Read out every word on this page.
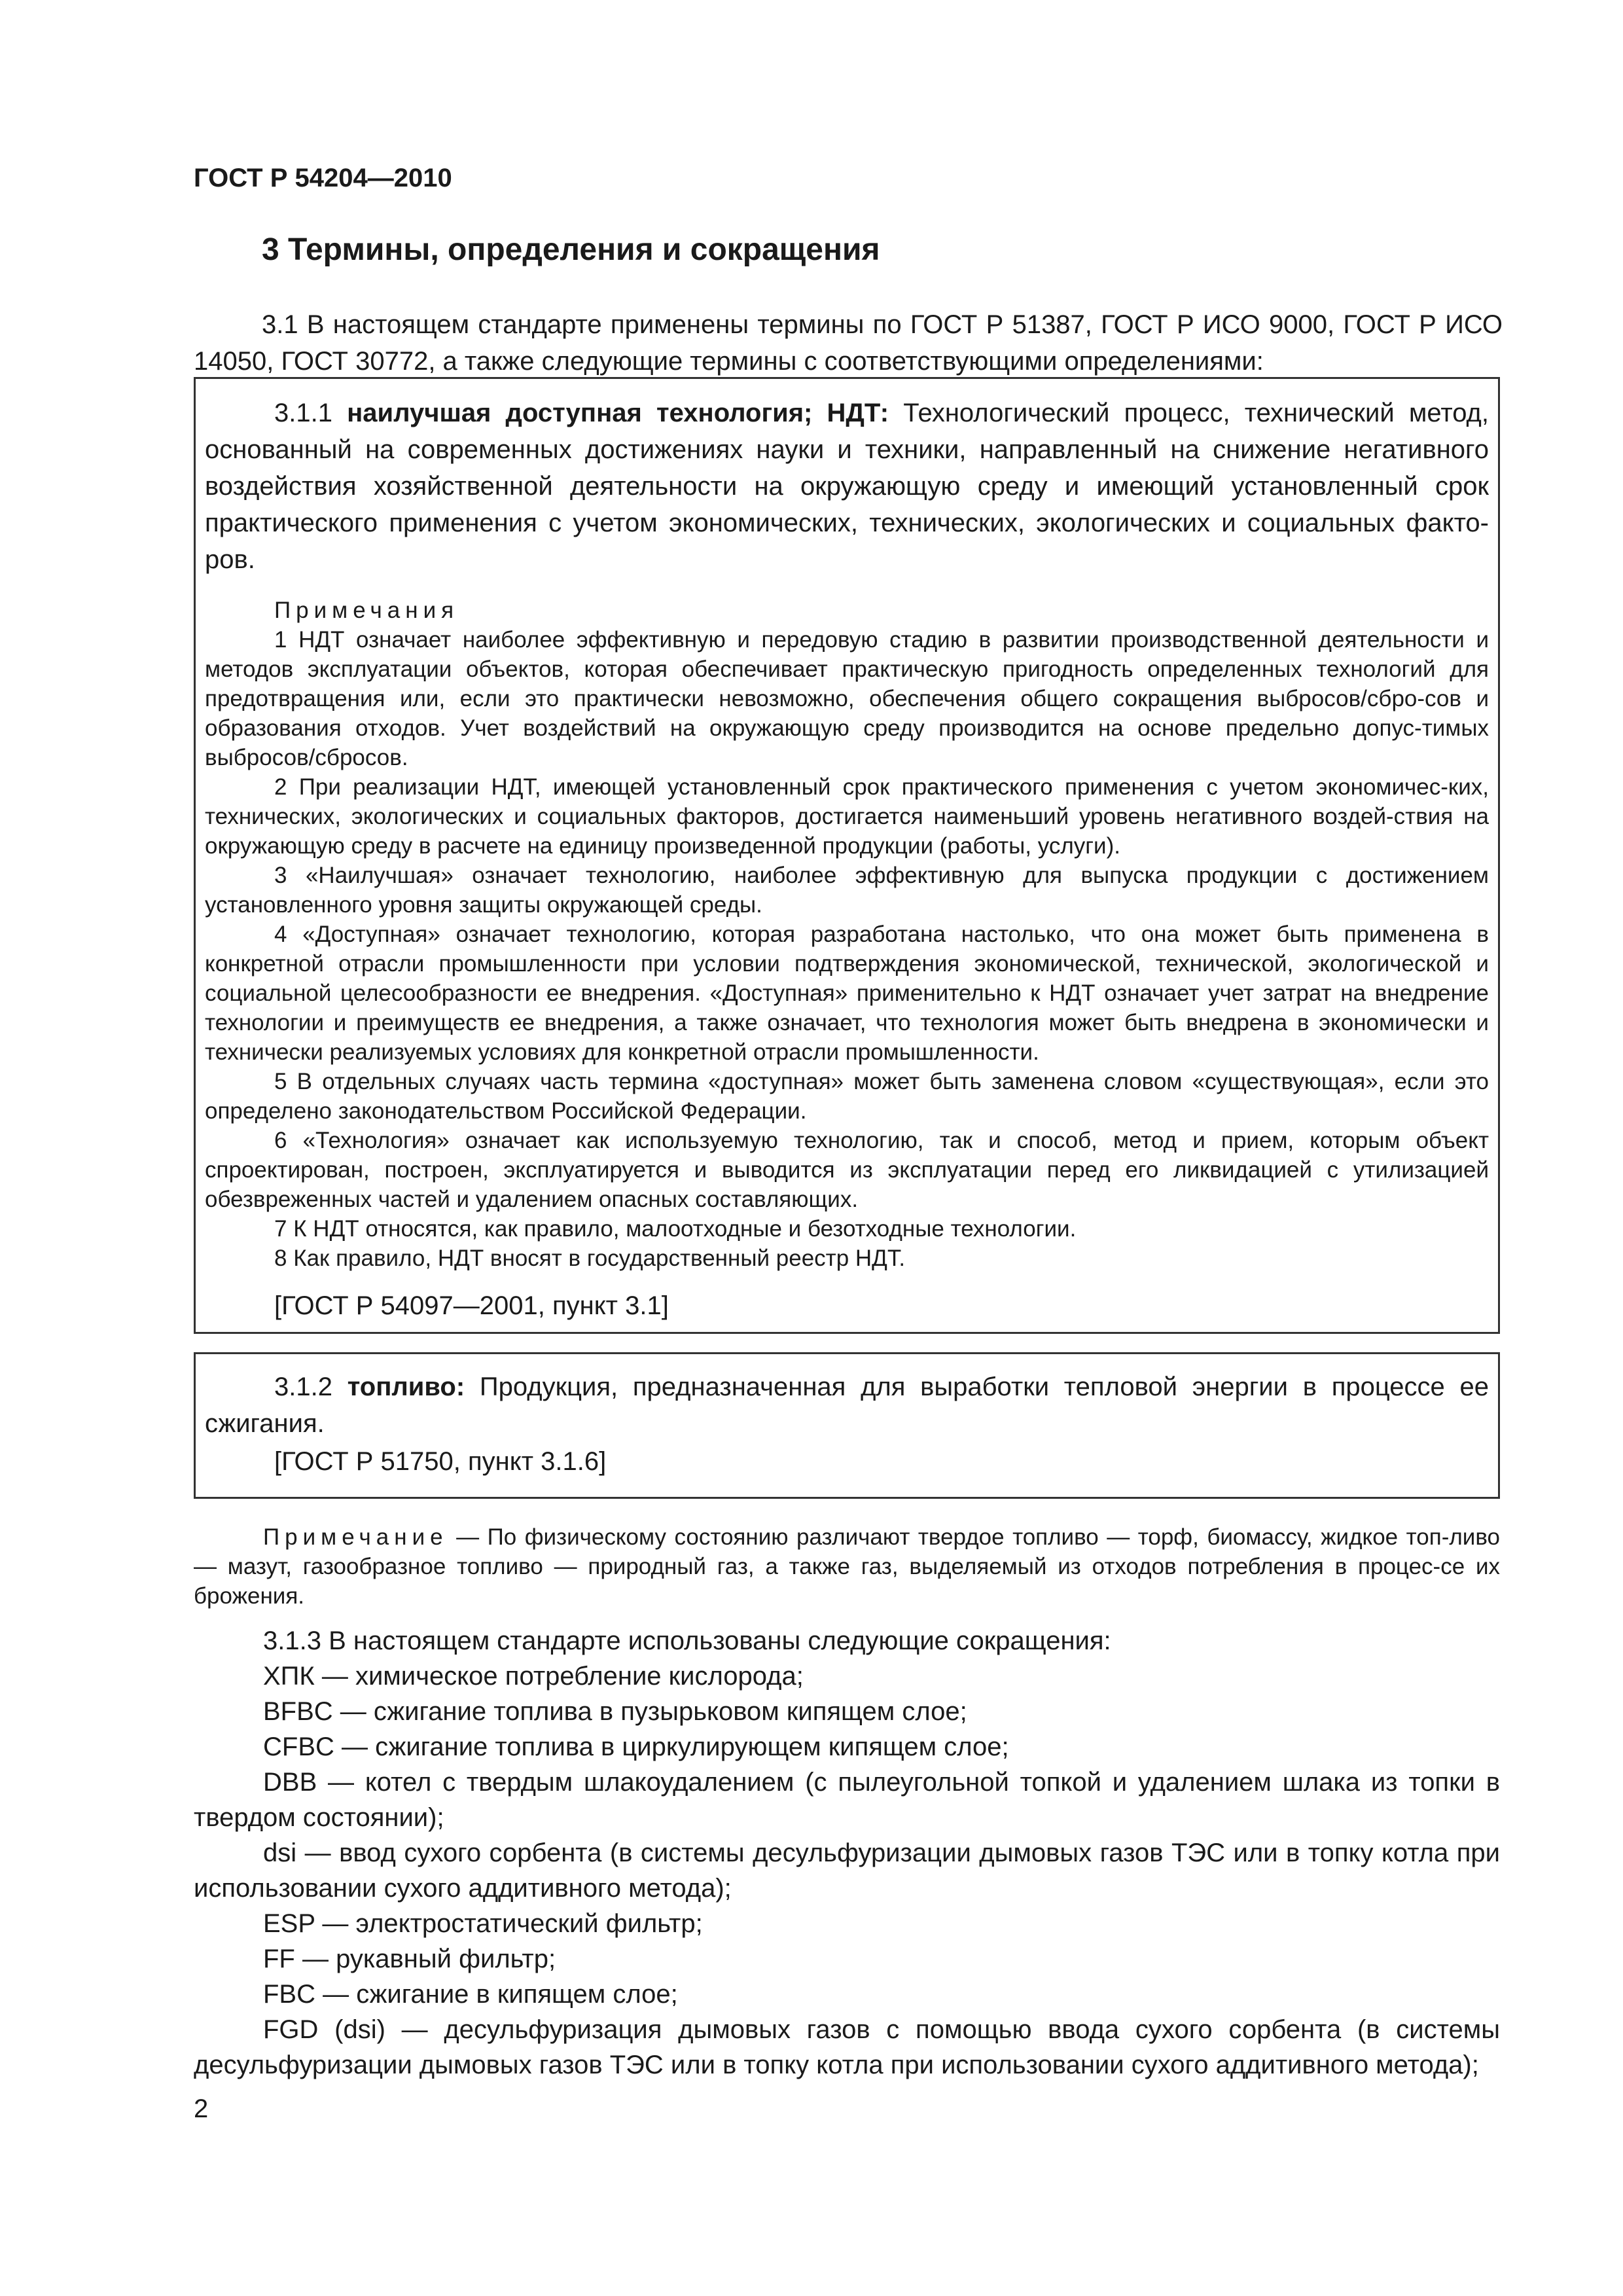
ГОСТ Р 54204—2010

3 Термины, определения и сокращения

3.1 В настоящем стандарте применены термины по ГОСТ Р 51387, ГОСТ Р ИСО 9000, ГОСТ Р ИСО 14050, ГОСТ 30772, а также следующие термины с соответствующими определениями:

3.1.1 наилучшая доступная технология; НДТ: Технологический процесс, технический метод, основанный на современных достижениях науки и техники, направленный на снижение негативного воздействия хозяйственной деятельности на окружающую среду и имеющий установленный срок практического применения с учетом экономических, технических, экологических и социальных факто-ров.

Примечания

1 НДТ означает наиболее эффективную и передовую стадию в развитии производственной деятельности и методов эксплуатации объектов, которая обеспечивает практическую пригодность определенных технологий для предотвращения или, если это практически невозможно, обеспечения общего сокращения выбросов/сбро-сов и образования отходов. Учет воздействий на окружающую среду производится на основе предельно допус-тимых выбросов/сбросов.

2 При реализации НДТ, имеющей установленный срок практического применения с учетом экономичес-ких, технических, экологических и социальных факторов, достигается наименьший уровень негативного воздей-ствия на окружающую среду в расчете на единицу произведенной продукции (работы, услуги).

3 «Наилучшая» означает технологию, наиболее эффективную для выпуска продукции с достижением установленного уровня защиты окружающей среды.

4 «Доступная» означает технологию, которая разработана настолько, что она может быть применена в конкретной отрасли промышленности при условии подтверждения экономической, технической, экологической и социальной целесообразности ее внедрения. «Доступная» применительно к НДТ означает учет затрат на внедрение технологии и преимуществ ее внедрения, а также означает, что технология может быть внедрена в экономически и технически реализуемых условиях для конкретной отрасли промышленности.

5 В отдельных случаях часть термина «доступная» может быть заменена словом «существующая», если это определено законодательством Российской Федерации.

6 «Технология» означает как используемую технологию, так и способ, метод и прием, которым объект спроектирован, построен, эксплуатируется и выводится из эксплуатации перед его ликвидацией с утилизацией обезвреженных частей и удалением опасных составляющих.

7 К НДТ относятся, как правило, малоотходные и безотходные технологии.

8 Как правило, НДТ вносят в государственный реестр НДТ.

[ГОСТ Р 54097—2001, пункт 3.1]

3.1.2 топливо: Продукция, предназначенная для выработки тепловой энергии в процессе ее сжигания.

[ГОСТ Р 51750, пункт 3.1.6]

Примечание — По физическому состоянию различают твердое топливо — торф, биомассу, жидкое топ-ливо — мазут, газообразное топливо — природный газ, а также газ, выделяемый из отходов потребления в процес-се их брожения.

3.1.3 В настоящем стандарте использованы следующие сокращения:

ХПК — химическое потребление кислорода;

BFBC — сжигание топлива в пузырьковом кипящем слое;

CFBC — сжигание топлива в циркулирующем кипящем слое;

DBB — котел с твердым шлакоудалением (с пылеугольной топкой и удалением шлака из топки в твердом состоянии);

dsi — ввод сухого сорбента (в системы десульфуризации дымовых газов ТЭС или в топку котла при использовании сухого аддитивного метода);

ESP — электростатический фильтр;

FF — рукавный фильтр;

FBC — сжигание в кипящем слое;

FGD (dsi) — десульфуризация дымовых газов с помощью ввода сухого сорбента (в системы десульфуризации дымовых газов ТЭС или в топку котла при использовании сухого аддитивного метода);

2
